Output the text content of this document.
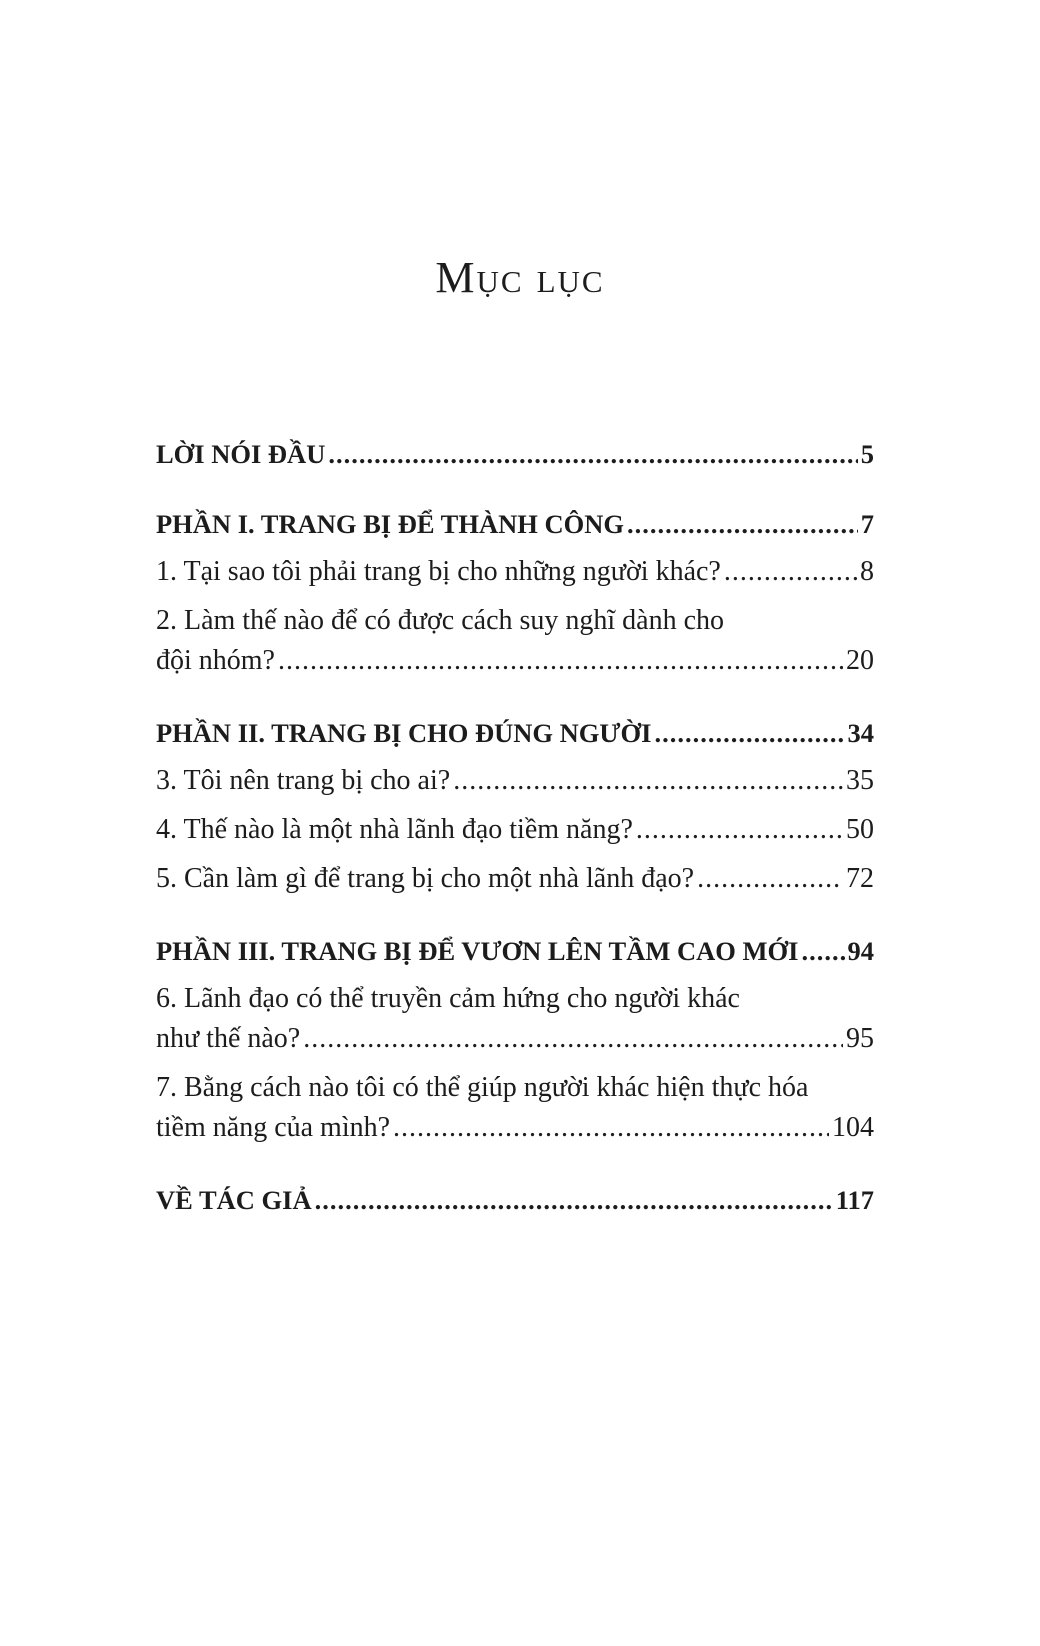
Mục lục
LỜI NÓI ĐẦU .....	5
PHẦN I. TRANG BỊ ĐỂ THÀNH CÔNG .....	7
1. Tại sao tôi phải trang bị cho những người khác? .....	8
2. Làm thế nào để có được cách suy nghĩ dành cho
đội nhóm? .....	20
PHẦN II. TRANG BỊ CHO ĐÚNG NGƯỜI .....	34
3. Tôi nên trang bị cho ai? .....	35
4. Thế nào là một nhà lãnh đạo tiềm năng? .....	50
5. Cần làm gì để trang bị cho một nhà lãnh đạo? .....	72
PHẦN III. TRANG BỊ ĐỂ VƯƠN LÊN TẦM CAO MỚI ..... 94
6. Lãnh đạo có thể truyền cảm hứng cho người khác
như thế nào? .....	95
7. Bằng cách nào tôi có thể giúp người khác hiện thực hóa
tiềm năng của mình? .....	104
VỀ TÁC GIẢ .....	117
